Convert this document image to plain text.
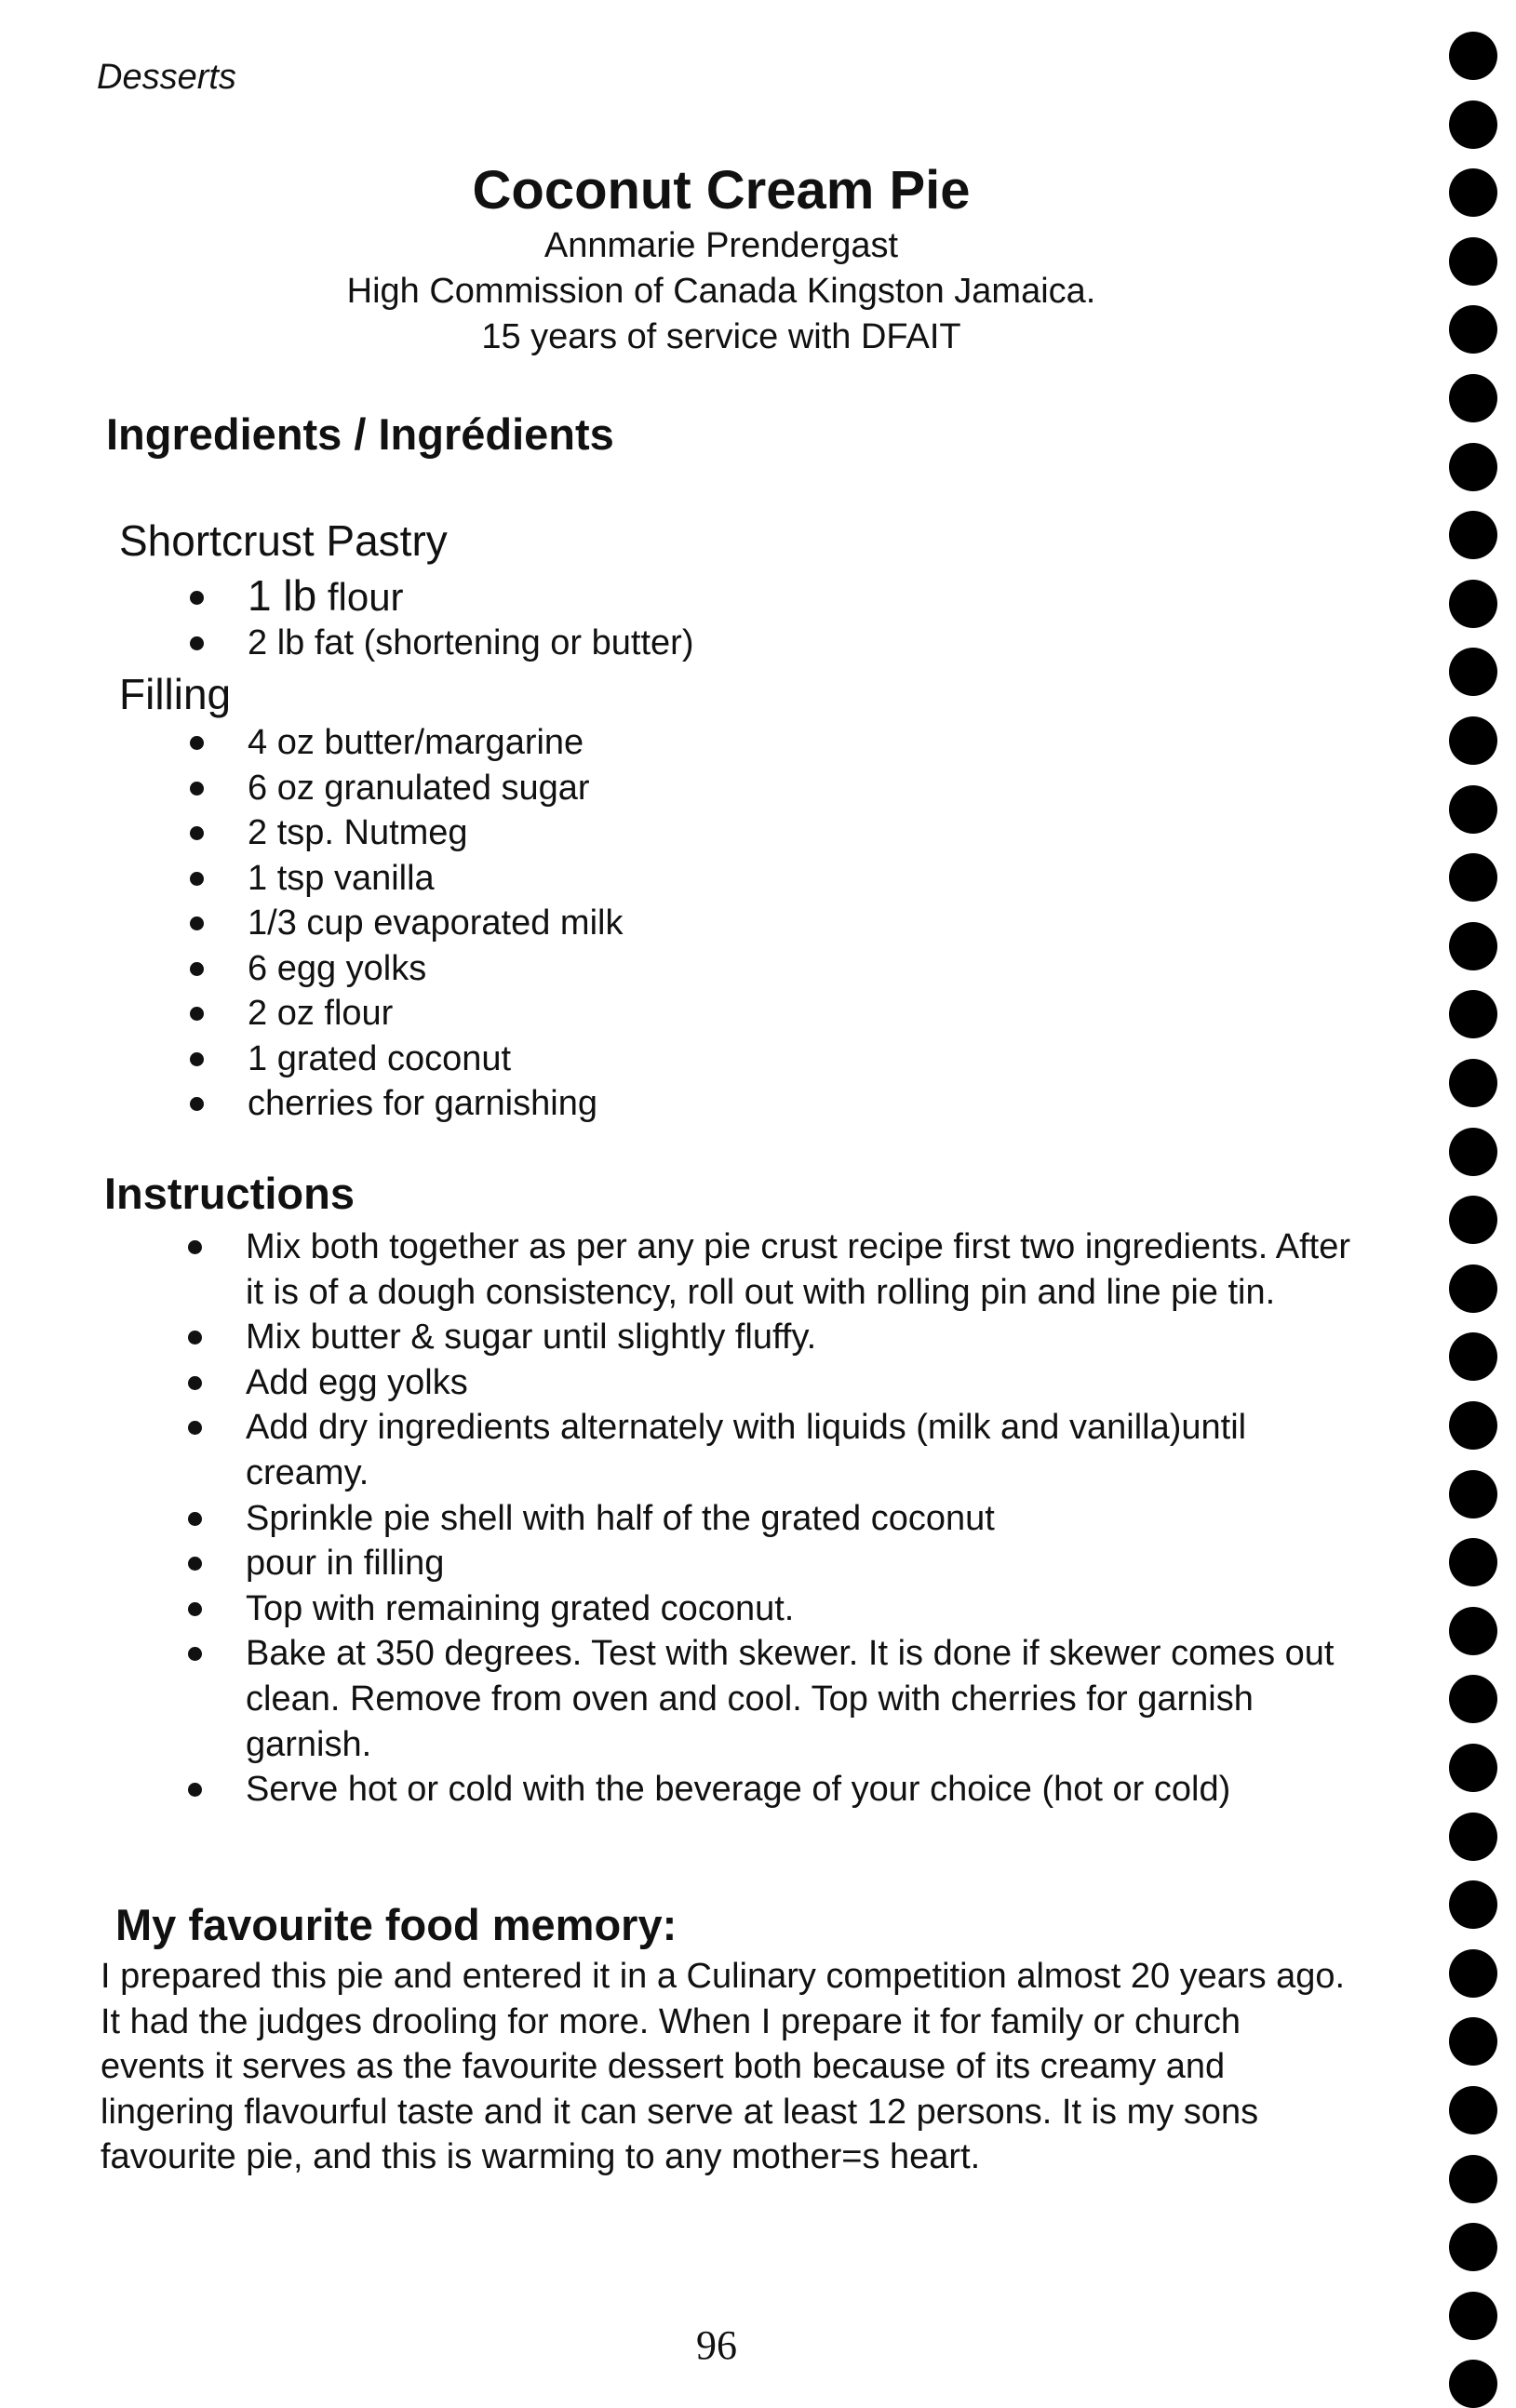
Desserts
Coconut Cream Pie
Annmarie Prendergast
High Commission of Canada Kingston Jamaica.
15 years of service with DFAIT
Ingredients / Ingrédients
Shortcrust Pastry
1 lb flour
2 lb fat (shortening or butter)
Filling
4 oz butter/margarine
6 oz granulated sugar
2 tsp. Nutmeg
1 tsp vanilla
1/3 cup evaporated milk
6 egg yolks
2 oz flour
1 grated coconut
cherries for garnishing
Instructions
Mix both together as per any pie crust recipe first two ingredients. After it is of a dough consistency, roll out with rolling pin and line pie tin.
Mix butter & sugar until slightly fluffy.
Add egg yolks
Add dry ingredients alternately with liquids (milk and vanilla)until creamy.
Sprinkle pie shell with half of the grated coconut
pour in filling
Top with remaining grated coconut.
Bake at 350 degrees. Test with skewer. It is done if skewer comes out clean. Remove from oven and cool. Top with cherries for garnish garnish.
Serve hot or cold with the beverage of your choice (hot or cold)
My favourite food memory:
I prepared this pie and entered it in a Culinary competition almost 20 years ago. It had the judges drooling for more. When I prepare it for family or church events it serves as the favourite dessert both because of its creamy and lingering flavourful taste and it can serve at least 12 persons. It is my sons favourite pie, and this is warming to any mother=s heart.
96
